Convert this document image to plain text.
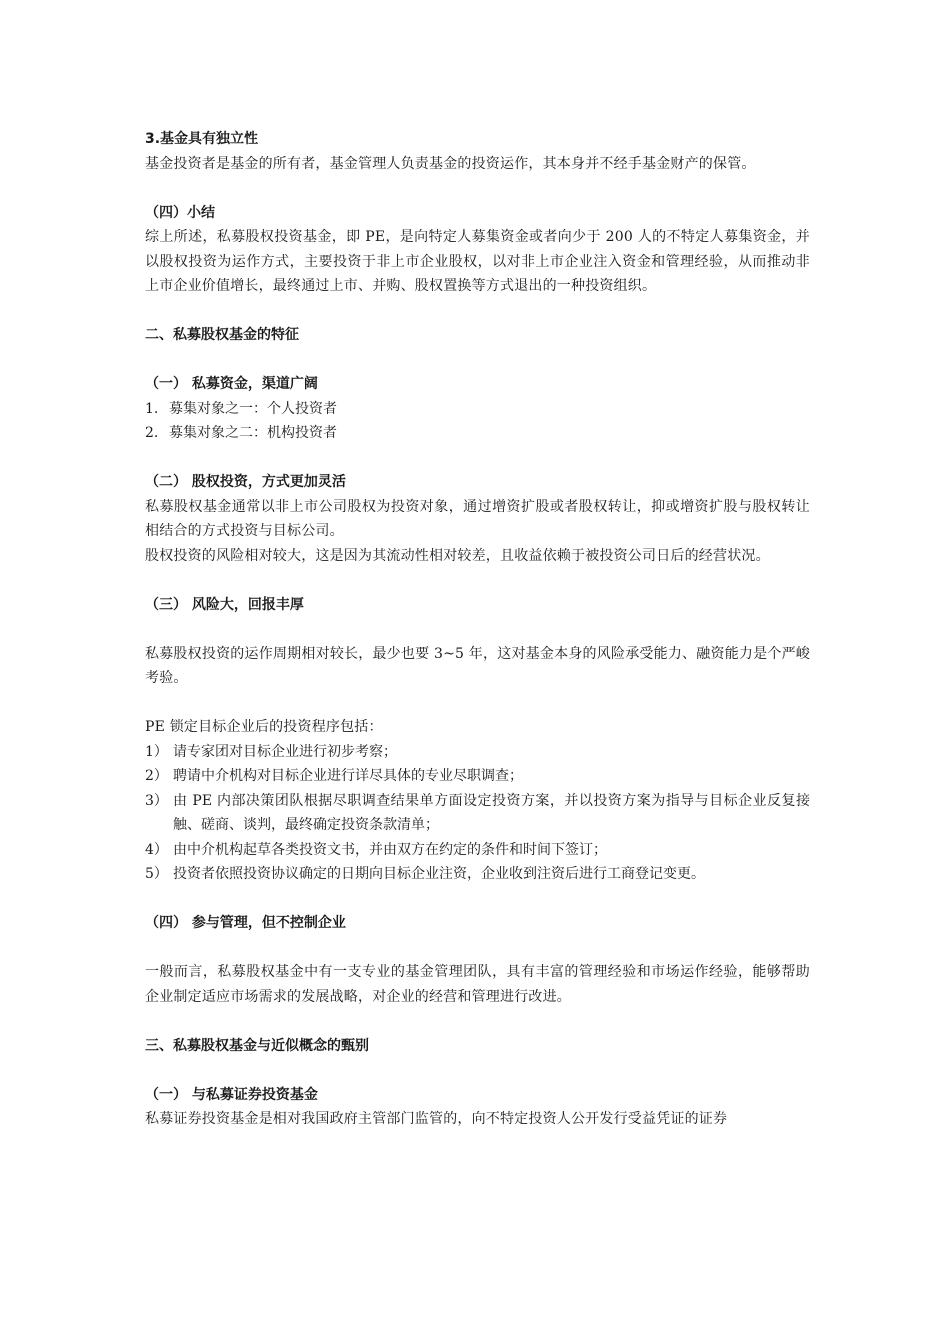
3.基金具有独立性

基金投资者是基金的所有者，基金管理人负责基金的投资运作，其本身并不经手基金财产的保管。

（四）小结

综上所述，私募股权投资基金，即 PE，是向特定人募集资金或者向少于 200 人的不特定人募集资金，并以股权投资为运作方式，主要投资于非上市企业股权，以对非上市企业注入资金和管理经验，从而推动非上市企业价值增长，最终通过上市、并购、股权置换等方式退出的一种投资组织。

二、私募股权基金的特征

（一） 私募资金，渠道广阔

1. 募集对象之一：个人投资者
2. 募集对象之二：机构投资者

（二） 股权投资，方式更加灵活

私募股权基金通常以非上市公司股权为投资对象，通过增资扩股或者股权转让，抑或增资扩股与股权转让相结合的方式投资与目标公司。

股权投资的风险相对较大，这是因为其流动性相对较差，且收益依赖于被投资公司日后的经营状况。

（三） 风险大，回报丰厚

私募股权投资的运作周期相对较长，最少也要 3~5 年，这对基金本身的风险承受能力、融资能力是个严峻考验。

PE 锁定目标企业后的投资程序包括：

1） 请专家团对目标企业进行初步考察；
2） 聘请中介机构对目标企业进行详尽具体的专业尽职调查；
3） 由 PE 内部决策团队根据尽职调查结果单方面设定投资方案，并以投资方案为指导与目标企业反复接触、磋商、谈判，最终确定投资条款清单；
4） 由中介机构起草各类投资文书，并由双方在约定的条件和时间下签订；
5） 投资者依照投资协议确定的日期向目标企业注资，企业收到注资后进行工商登记变更。

（四） 参与管理，但不控制企业

一般而言，私募股权基金中有一支专业的基金管理团队，具有丰富的管理经验和市场运作经验，能够帮助企业制定适应市场需求的发展战略，对企业的经营和管理进行改进。

三、私募股权基金与近似概念的甄别

（一） 与私募证券投资基金

私募证券投资基金是相对我国政府主管部门监管的，向不特定投资人公开发行受益凭证的证券
